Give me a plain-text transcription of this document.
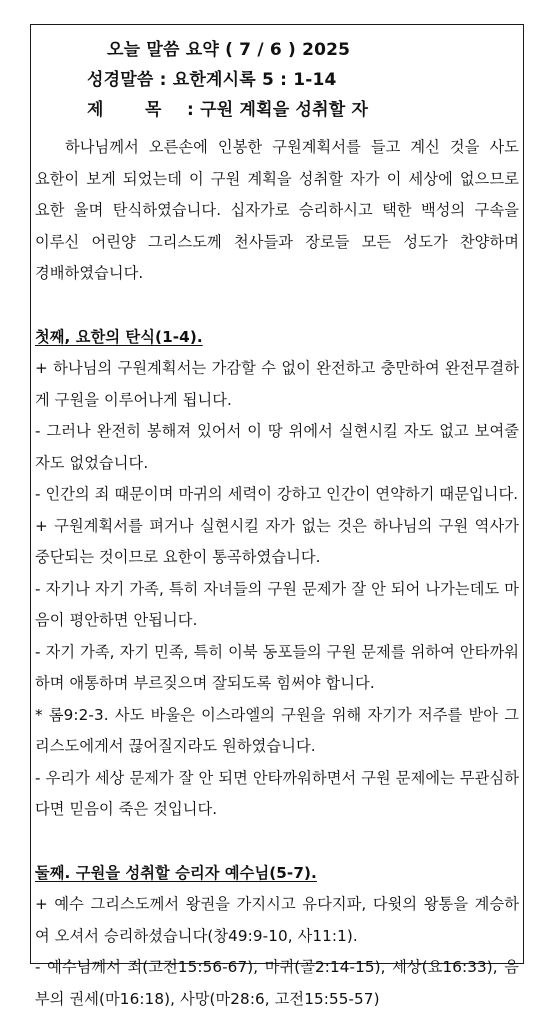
오늘 말씀 요약 ( 7 / 6 ) 2025
성경말씀 : 요한계시록 5 : 1-14
제 목 : 구원 계획을 성취할 자

하나님께서 오른손에 인봉한 구원계획서를 들고 계신 것을 사도 요한이 보게 되었는데 이 구원 계획을 성취할 자가 이 세상에 없으므로 요한 울며 탄식하였습니다. 십자가로 승리하시고 택한 백성의 구속을 이루신 어린양 그리스도께 천사들과 장로들 모든 성도가 찬양하며 경배하였습니다.

첫째, 요한의 탄식(1-4).

+ 하나님의 구원계획서는 가감할 수 없이 완전하고 충만하여 완전무결하게 구원을 이루어나게 됩니다.

- 그러나 완전히 봉해져 있어서 이 땅 위에서 실현시킬 자도 없고 보여줄 자도 없었습니다.

- 인간의 죄 때문이며 마귀의 세력이 강하고 인간이 연약하기 때문입니다.

+ 구원계획서를 펴거나 실현시킬 자가 없는 것은 하나님의 구원 역사가 중단되는 것이므로 요한이 통곡하였습니다.

- 자기나 자기 가족, 특히 자녀들의 구원 문제가 잘 안 되어 나가는데도 마음이 평안하면 안됩니다.

- 자기 가족, 자기 민족, 특히 이북 동포들의 구원 문제를 위하여 안타까워하며 애통하며 부르짖으며 잘되도록 힘써야 합니다.

* 롬9:2-3. 사도 바울은 이스라엘의 구원을 위해 자기가 저주를 받아 그리스도에게서 끊어질지라도 원하였습니다.

- 우리가 세상 문제가 잘 안 되면 안타까워하면서 구원 문제에는 무관심하다면 믿음이 죽은 것입니다.

둘째. 구원을 성취할 승리자 예수님(5-7).

+ 예수 그리스도께서 왕권을 가지시고 유다지파, 다윗의 왕통을 계승하여 오셔서 승리하셨습니다(창49:9-10, 사11:1).

- 예수님께서 죄(고전15:56-67), 마귀(골2:14-15), 세상(요16:33), 음부의 권세(마16:18), 사망(마28:6, 고전15:55-57)
